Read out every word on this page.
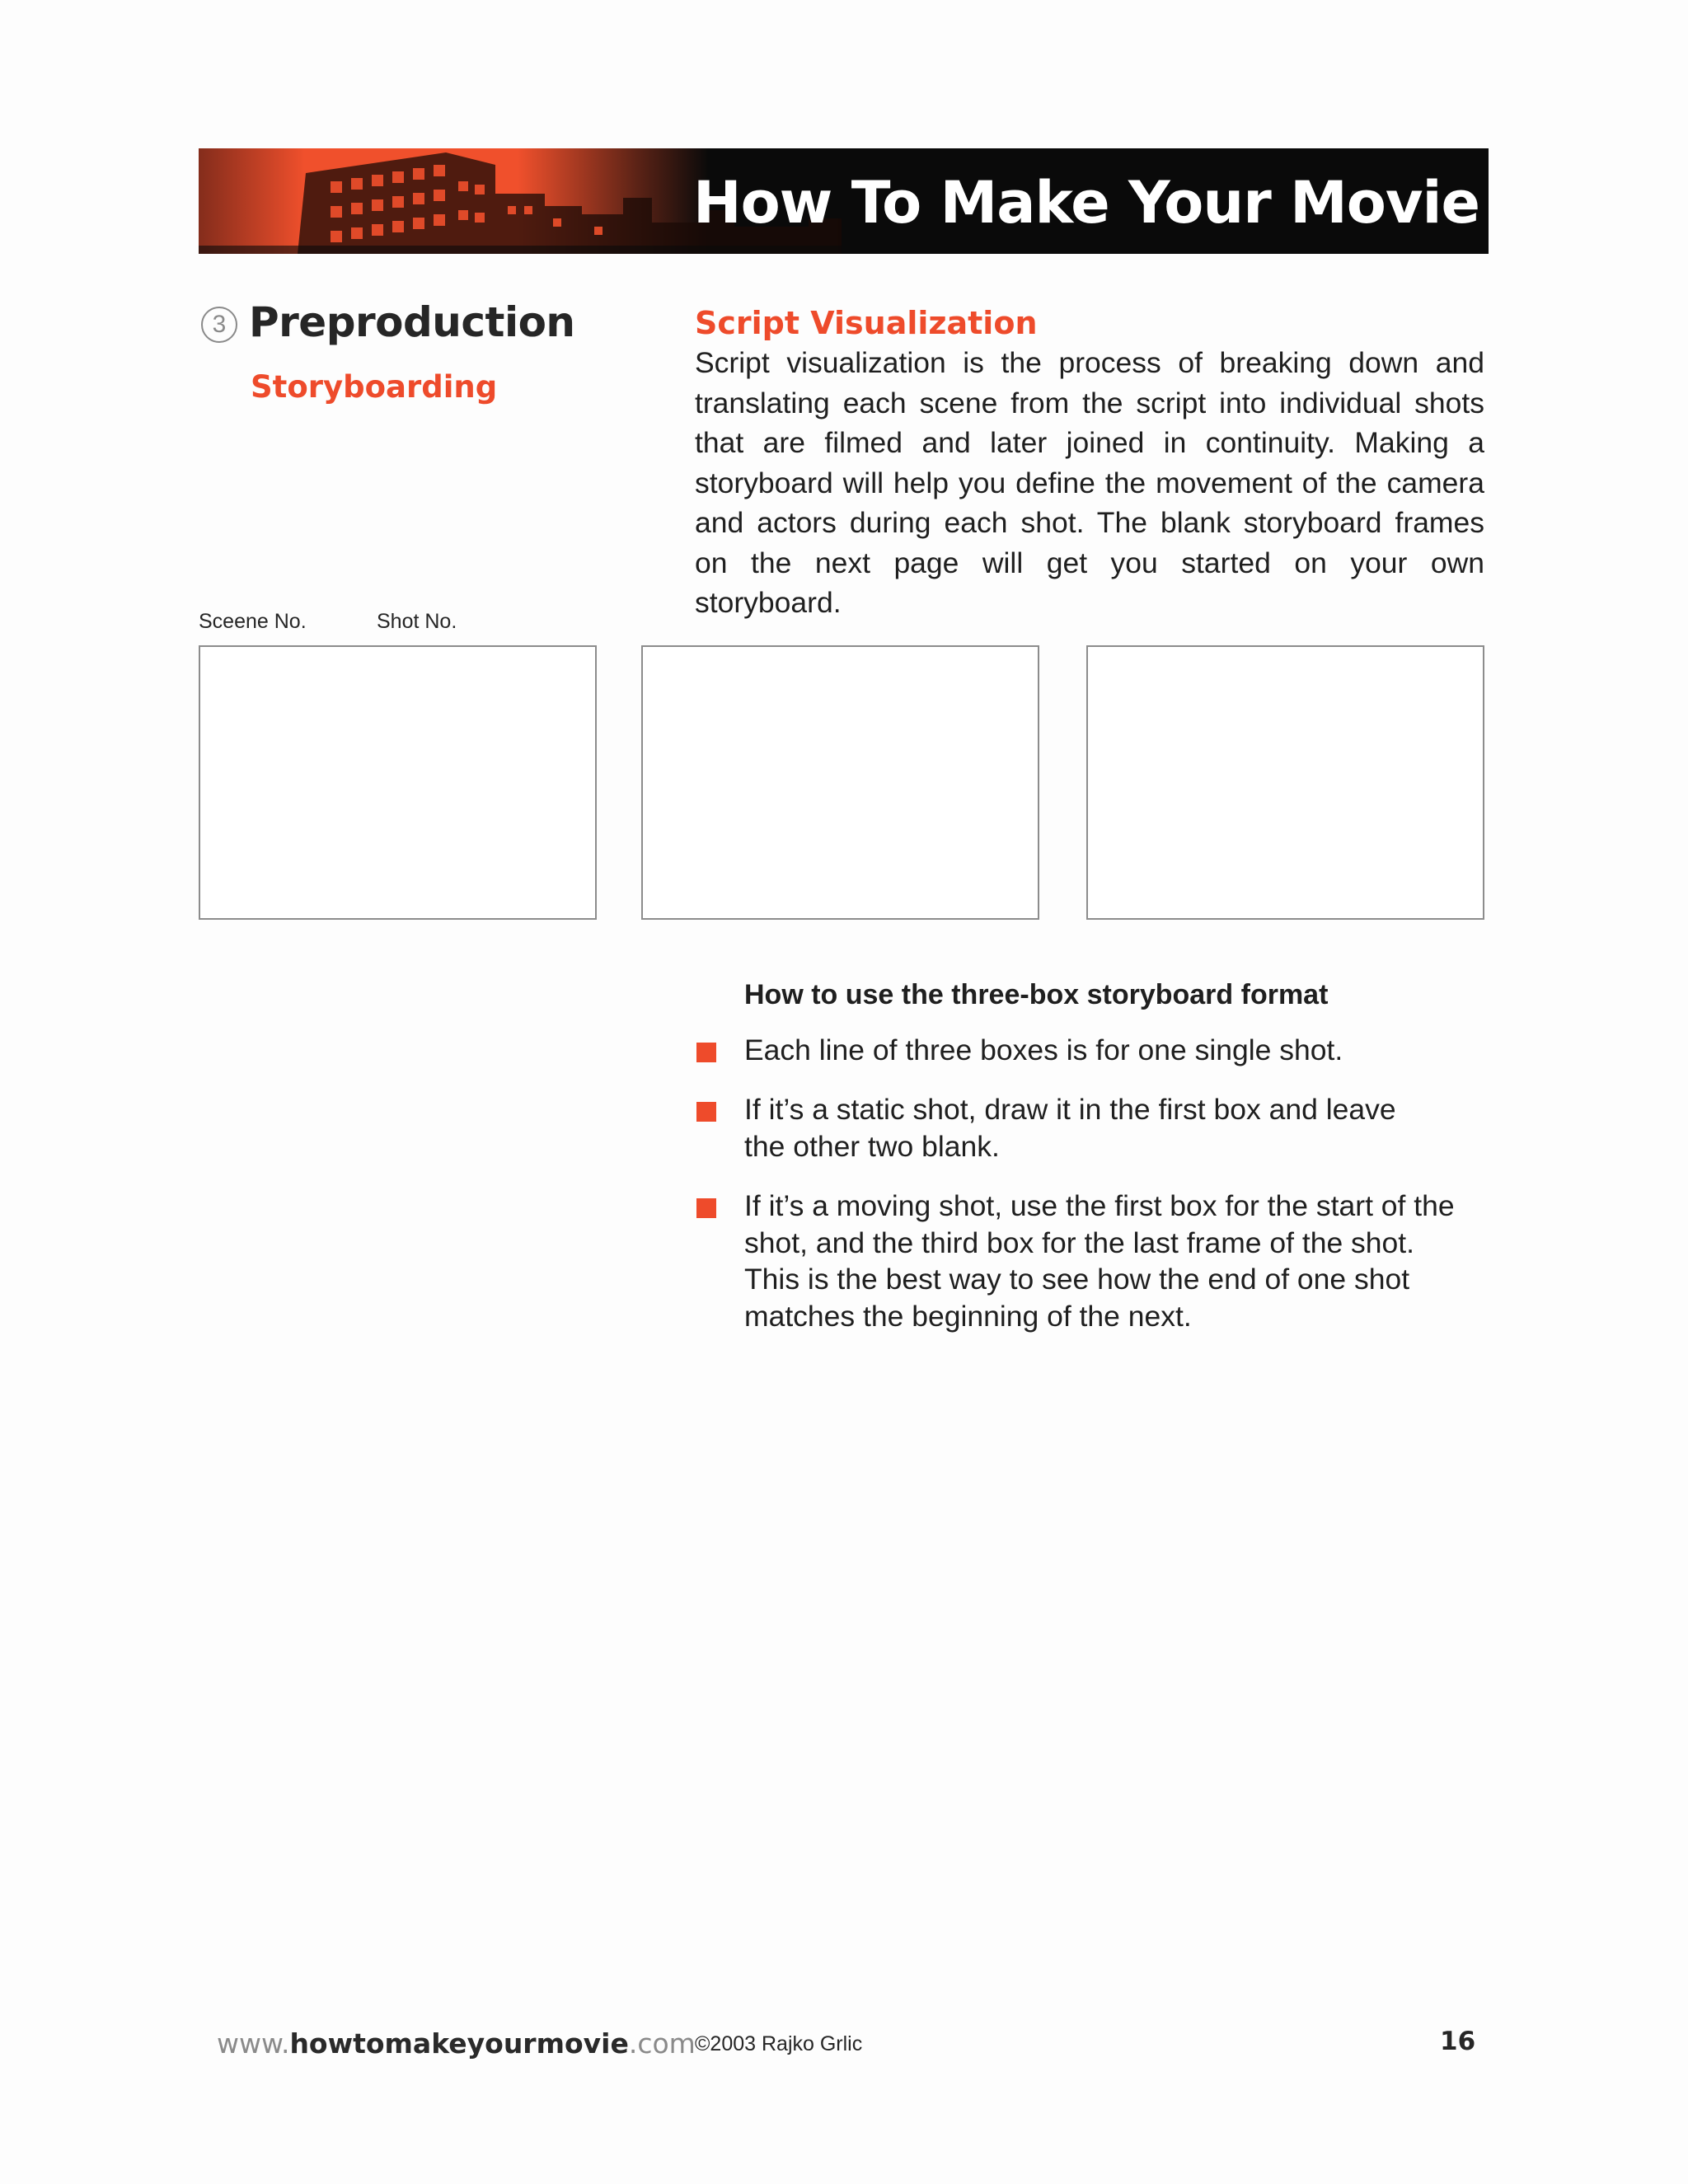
How To Make Your Movie
3 Preproduction
Storyboarding
Script Visualization
Script visualization is the process of breaking down and translating each scene from the script into individual shots that are filmed and later joined in continuity. Making a storyboard will help you define the movement of the camera and actors during each shot. The blank storyboard frames on the next page will get you started on your own storyboard.
Sceene No.	Shot No.
How to use the three-box storyboard format
Each line of three boxes is for one single shot.
If it’s a static shot, draw it in the first box and leave the other two blank.
If it’s a moving shot, use the first box for the start of the shot, and the third box for the last frame of the shot. This is the best way to see how the end of one shot matches the beginning of the next.
www.howtomakeyourmovie.com ©2003 Rajko Grlic	16
